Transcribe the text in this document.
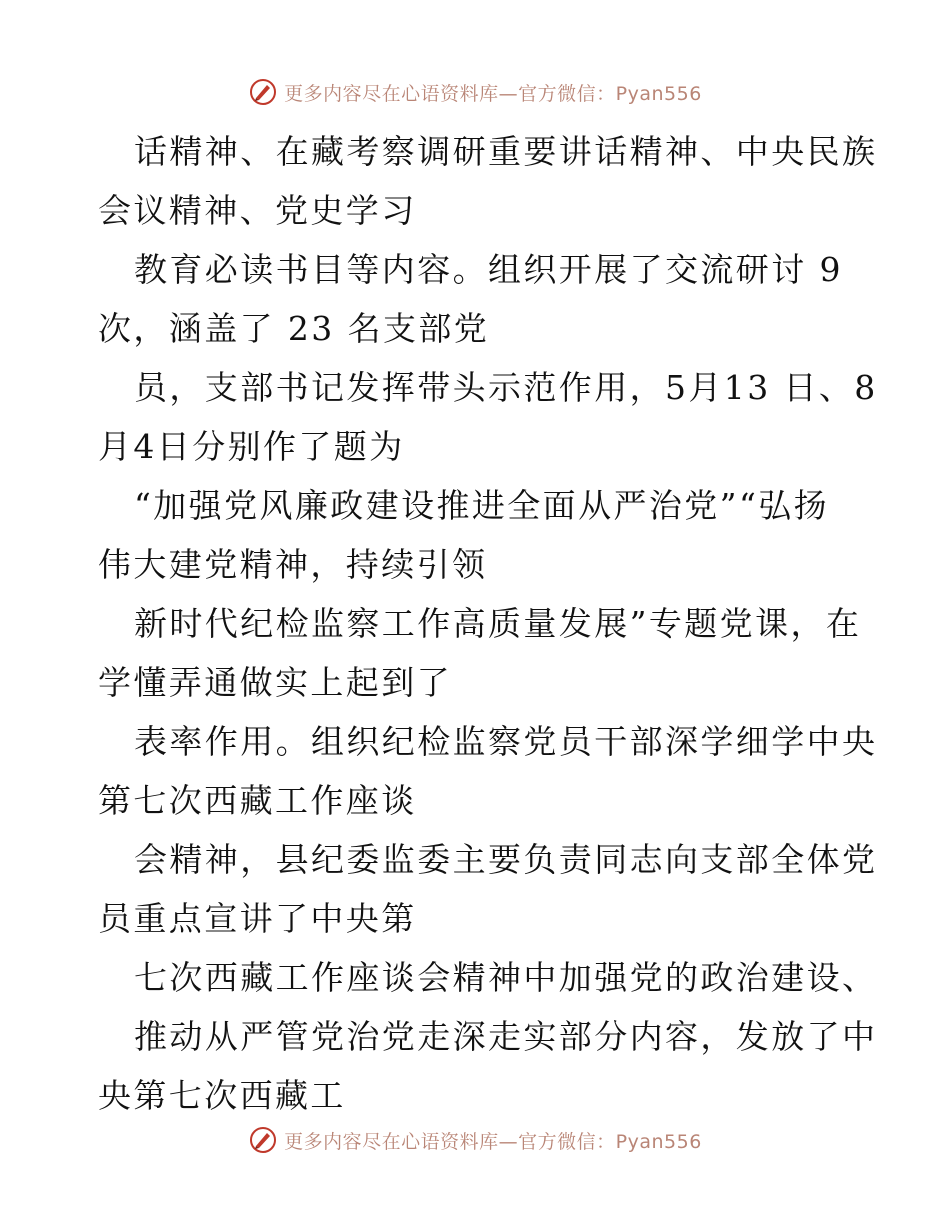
更多内容尽在心语资料库—官方微信：Pyan556
话精神、在藏考察调研重要讲话精神、中央民族
会议精神、党史学习
教育必读书目等内容。组织开展了交流研讨 9
次，涵盖了 23 名支部党
员，支部书记发挥带头示范作用，5月13 日、8
月4日分别作了题为
“加强党风廉政建设推进全面从严治党”“弘扬
伟大建党精神，持续引领
新时代纪检监察工作高质量发展”专题党课，在
学懂弄通做实上起到了
表率作用。组织纪检监察党员干部深学细学中央
第七次西藏工作座谈
会精神，县纪委监委主要负责同志向支部全体党
员重点宣讲了中央第
七次西藏工作座谈会精神中加强党的政治建设、
推动从严管党治党走深走实部分内容，发放了中
央第七次西藏工
更多内容尽在心语资料库—官方微信：Pyan556
